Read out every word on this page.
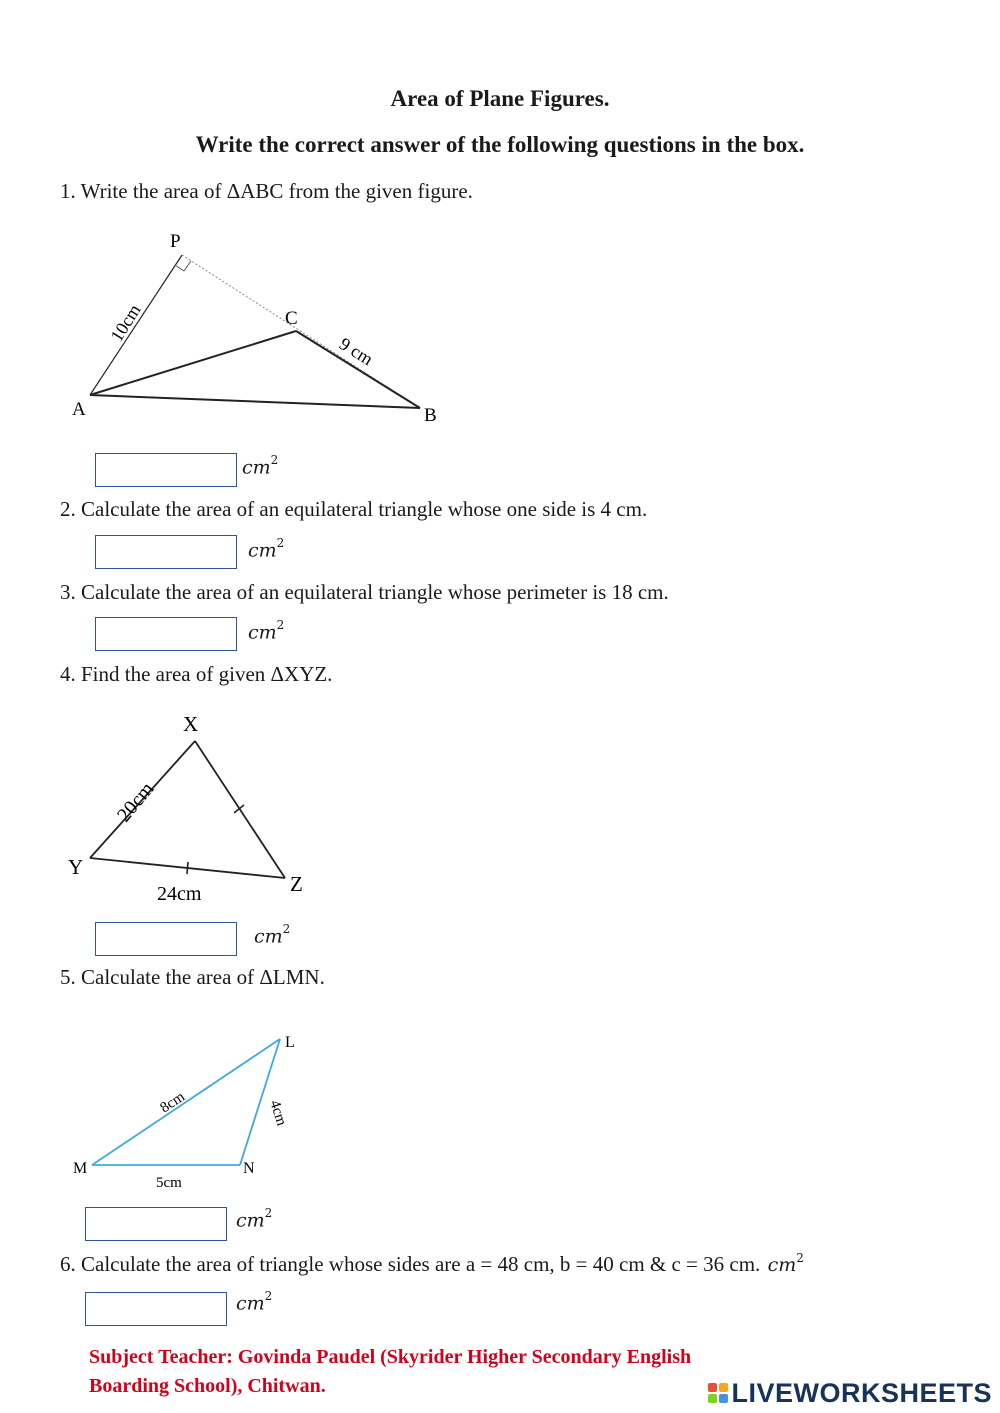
Area of Plane Figures.
Write the correct answer of the following questions in the box.
1. Write the area of ΔABC from the given figure.
P
C
A	B
10cm
9 cm
$cm^2$
2. Calculate the area of an equilateral triangle whose one side is 4 cm.
$cm^2$
3. Calculate the area of an equilateral triangle whose perimeter is 18 cm.
$cm^2$
4. Find the area of given ΔXYZ.
X
Y
Z
20cm
24cm
$cm^2$
5. Calculate the area of ΔLMN.
L
M	N
8cm	4cm
5cm
$cm^2$
6. Calculate the area of triangle whose sides are a = 48 cm, b = 40 cm & c = 36 cm. $cm^2$
$cm^2$
Subject Teacher: Govinda Paudel (Skyrider Higher Secondary English
Boarding School), Chitwan.	LIVEWORKSHEETS
